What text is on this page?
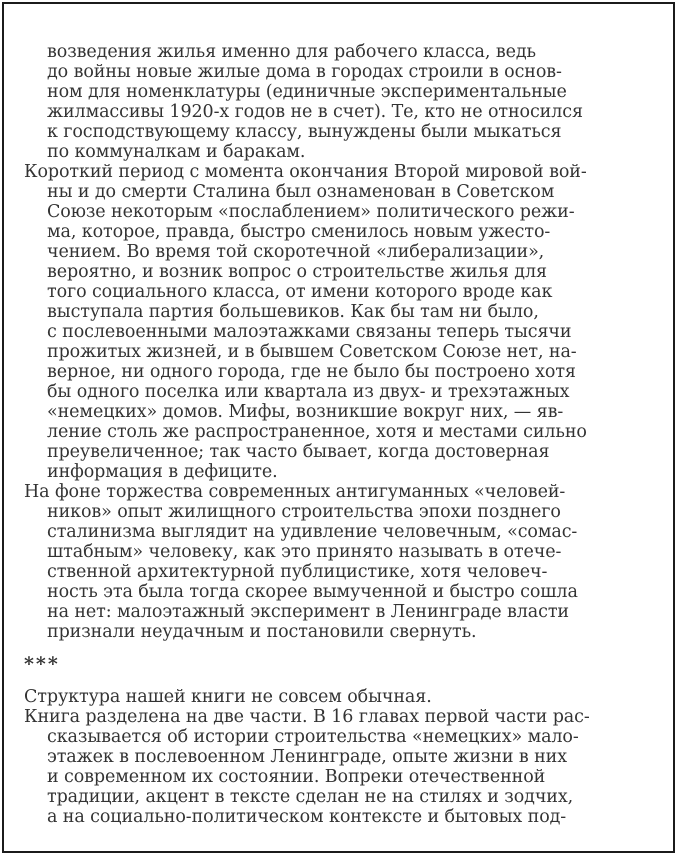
возведения жилья именно для рабочего класса, ведь
до войны новые жилые дома в городах строили в основ-
ном для номенклатуры (единичные экспериментальные
жилмассивы 1920-х годов не в счет). Те, кто не относился
к господствующему классу, вынуждены были мыкаться
по коммуналкам и баракам.
Короткий период с момента окончания Второй мировой вой-
ны и до смерти Сталина был ознаменован в Советском
Союзе некоторым «послаблением» политического режи-
ма, которое, правда, быстро сменилось новым ужесто-
чением. Во время той скоротечной «либерализации»,
вероятно, и возник вопрос о строительстве жилья для
того социального класса, от имени которого вроде как
выступала партия большевиков. Как бы там ни было,
с послевоенными малоэтажками связаны теперь тысячи
прожитых жизней, и в бывшем Советском Союзе нет, на-
верное, ни одного города, где не было бы построено хотя
бы одного поселка или квартала из двух- и трехэтажных
«немецких» домов. Мифы, возникшие вокруг них, — яв-
ление столь же распространенное, хотя и местами сильно
преувеличенное; так часто бывает, когда достоверная
информация в дефиците.
На фоне торжества современных антигуманных «человей-
ников» опыт жилищного строительства эпохи позднего
сталинизма выглядит на удивление человечным, «сомас-
штабным» человеку, как это принято называть в отече-
ственной архитектурной публицистике, хотя человеч-
ность эта была тогда скорее вымученной и быстро сошла
на нет: малоэтажный эксперимент в Ленинграде власти
признали неудачным и постановили свернуть.
***
Структура нашей книги не совсем обычная.
Книга разделена на две части. В 16 главах первой части рас-
сказывается об истории строительства «немецких» мало-
этажек в послевоенном Ленинграде, опыте жизни в них
и современном их состоянии. Вопреки отечественной
традиции, акцент в тексте сделан не на стилях и зодчих,
а на социально-политическом контексте и бытовых под-
